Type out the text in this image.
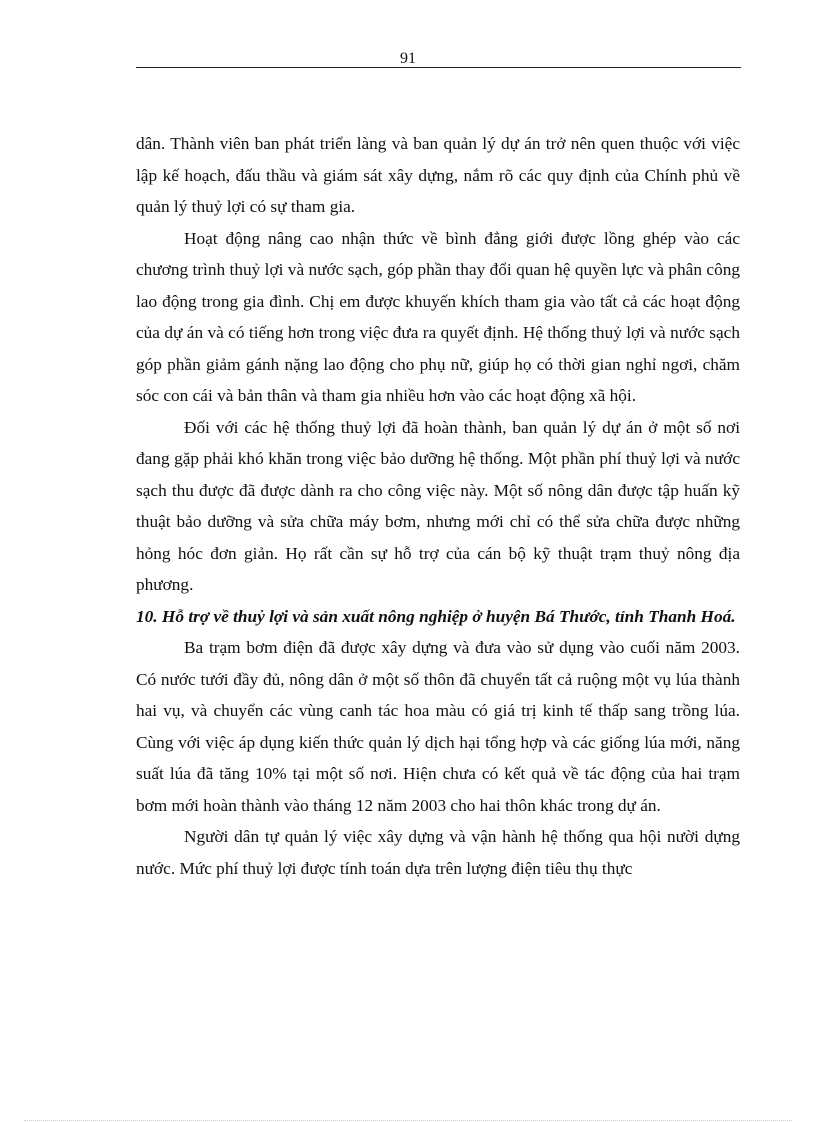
91

dân. Thành viên ban phát triển làng và ban quản lý dự án trở nên quen thuộc với việc lập kế hoạch, đấu thầu và giám sát xây dựng, nắm rõ các quy định của Chính phủ về quản lý thuỷ lợi có sự tham gia.

Hoạt động nâng cao nhận thức về bình đẳng giới được lồng ghép vào các chương trình thuỷ lợi và nước sạch, góp phần thay đổi quan hệ quyền lực và phân công lao động trong gia đình. Chị em được khuyến khích tham gia vào tất cả các hoạt động của dự án và có tiếng hơn trong việc đưa ra quyết định. Hệ thống thuỷ lợi và nước sạch góp phần giảm gánh nặng lao động cho phụ nữ, giúp họ có thời gian nghỉ ngơi, chăm sóc con cái và bản thân và tham gia nhiều hơn vào các hoạt động xã hội.

Đối với các hệ thống thuỷ lợi đã hoàn thành, ban quản lý dự án ở một số nơi đang gặp phải khó khăn trong việc bảo dưỡng hệ thống. Một phần phí thuỷ lợi và nước sạch thu được đã được dành ra cho công việc này. Một số nông dân được tập huấn kỹ thuật bảo dưỡng và sửa chữa máy bơm, nhưng mới chỉ có thể sửa chữa được những hỏng hóc đơn giản. Họ rất cần sự hỗ trợ của cán bộ kỹ thuật trạm thuỷ nông địa phương.

10. Hỗ trợ về thuỷ lợi và sản xuất nông nghiệp ở huyện Bá Thước, tỉnh Thanh Hoá.

Ba trạm bơm điện đã được xây dựng và đưa vào sử dụng vào cuối năm 2003. Có nước tưới đầy đủ, nông dân ở một số thôn đã chuyển tất cả ruộng một vụ lúa thành hai vụ, và chuyển các vùng canh tác hoa màu có giá trị kinh tế thấp sang trồng lúa. Cùng với việc áp dụng kiến thức quản lý dịch hại tổng hợp và các giống lúa mới, năng suất lúa đã tăng 10% tại một số nơi. Hiện chưa có kết quả về tác động của hai trạm bơm mới hoàn thành vào tháng 12 năm 2003 cho hai thôn khác trong dự án.

Người dân tự quản lý việc xây dựng và vận hành hệ thống qua hội nười dựng nước. Mức phí thuỷ lợi được tính toán dựa trên lượng điện tiêu thụ thực
